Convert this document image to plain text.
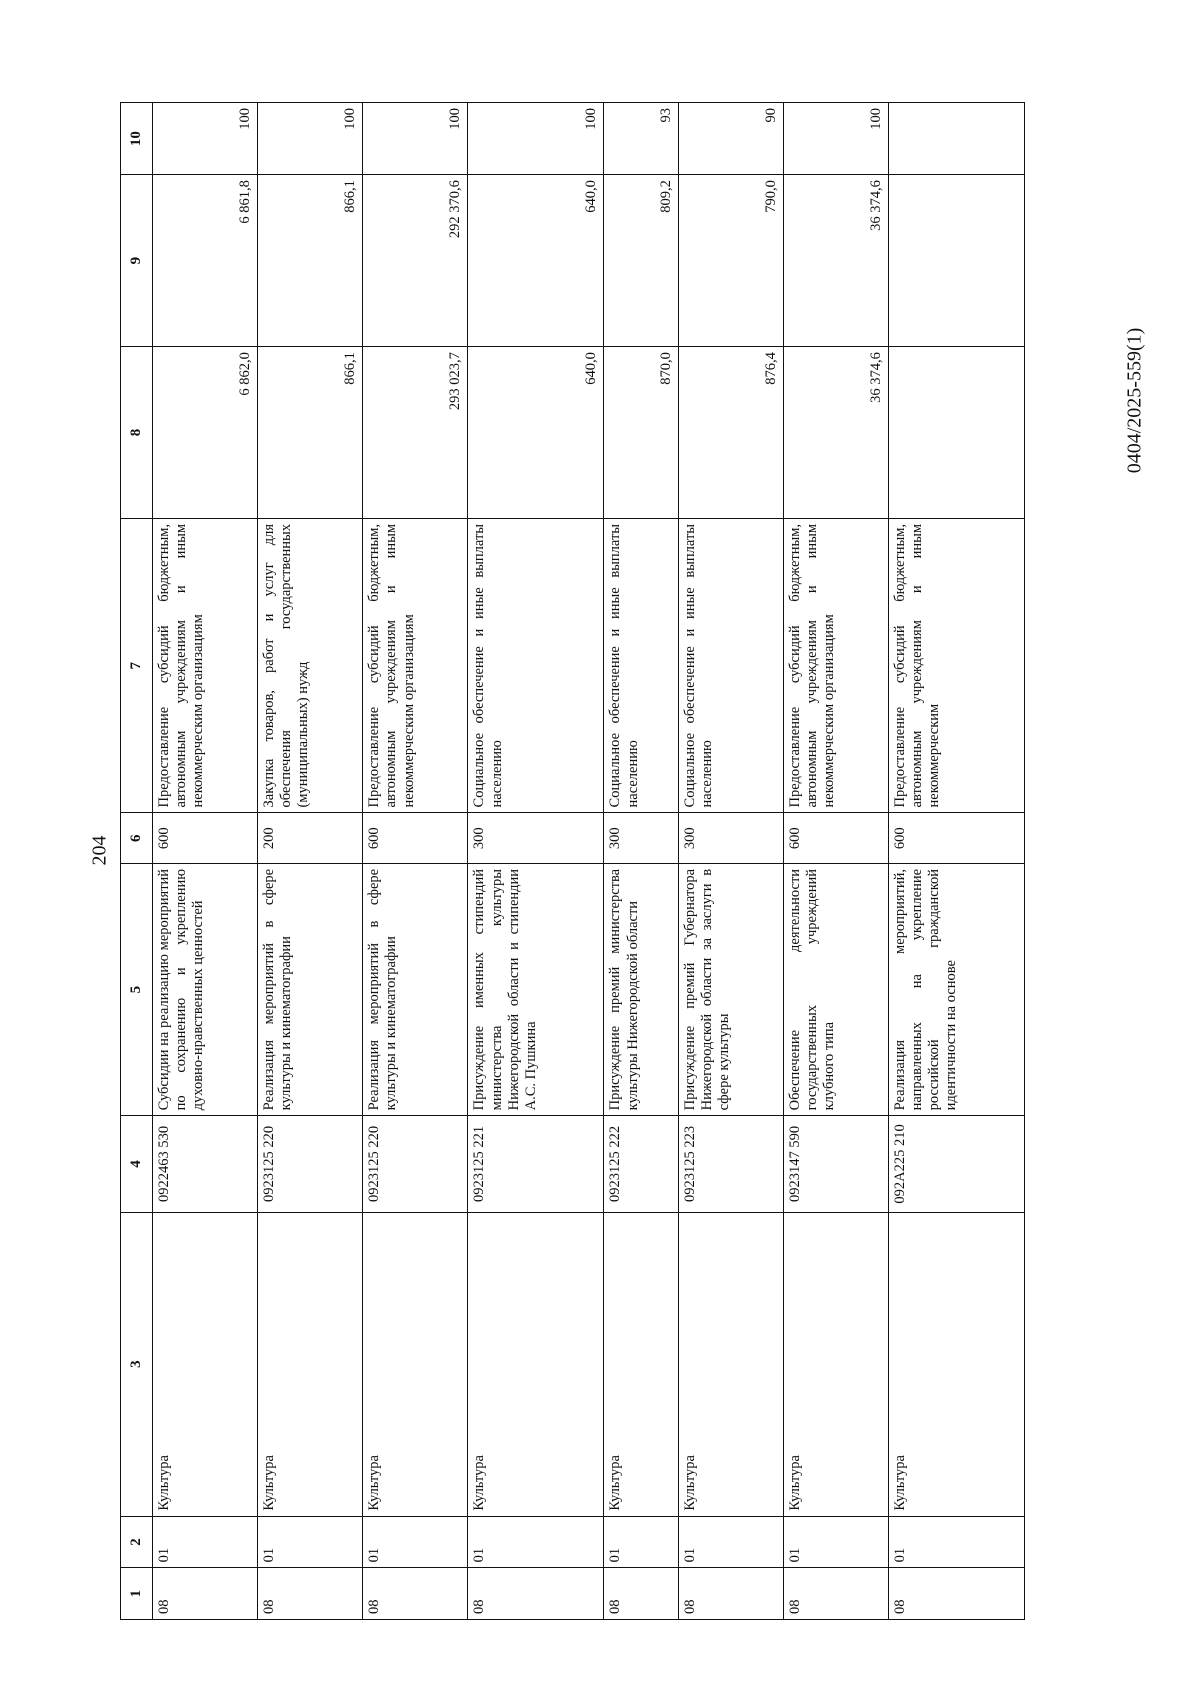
204
0404/2025-559(1)
1	2	3	4	5	6	7	8	9	10
08	01	Культура	0922463 530	Субсидии на реализацию мероприятий по сохранению и укреплению духовно-нравственных ценностей	600	Предоставление субсидий бюджетным, автономным учреждениям и иным некоммерческим организациям	6 862,0	6 861,8	100
08	01	Культура	0923125 220	Реализация мероприятий в сфере культуры и кинематографии	200	Закупка товаров, работ и услуг для обеспечения государственных (муниципальных) нужд	866,1	866,1	100
08	01	Культура	0923125 220	Реализация мероприятий в сфере культуры и кинематографии	600	Предоставление субсидий бюджетным, автономным учреждениям и иным некоммерческим организациям	293 023,7	292 370,6	100
08	01	Культура	0923125 221	Присуждение именных стипендий министерства культуры Нижегородской области и стипендии А.С. Пушкина	300	Социальное обеспечение и иные выплаты населению	640,0	640,0	100
08	01	Культура	0923125 222	Присуждение премий министерства культуры Нижегородской области	300	Социальное обеспечение и иные выплаты населению	870,0	809,2	93
08	01	Культура	0923125 223	Присуждение премий Губернатора Нижегородской области за заслуги в сфере культуры	300	Социальное обеспечение и иные выплаты населению	876,4	790,0	90
08	01	Культура	0923147 590	Обеспечение деятельности государственных учреждений клубного типа	600	Предоставление субсидий бюджетным, автономным учреждениям и иным некоммерческим организациям	36 374,6	36 374,6	100
08	01	Культура	092A225 210	Реализация мероприятий, направленных на укрепление российской гражданской идентичности на основе	600	Предоставление субсидий бюджетным, автономным учреждениям и иным некоммерческим			
